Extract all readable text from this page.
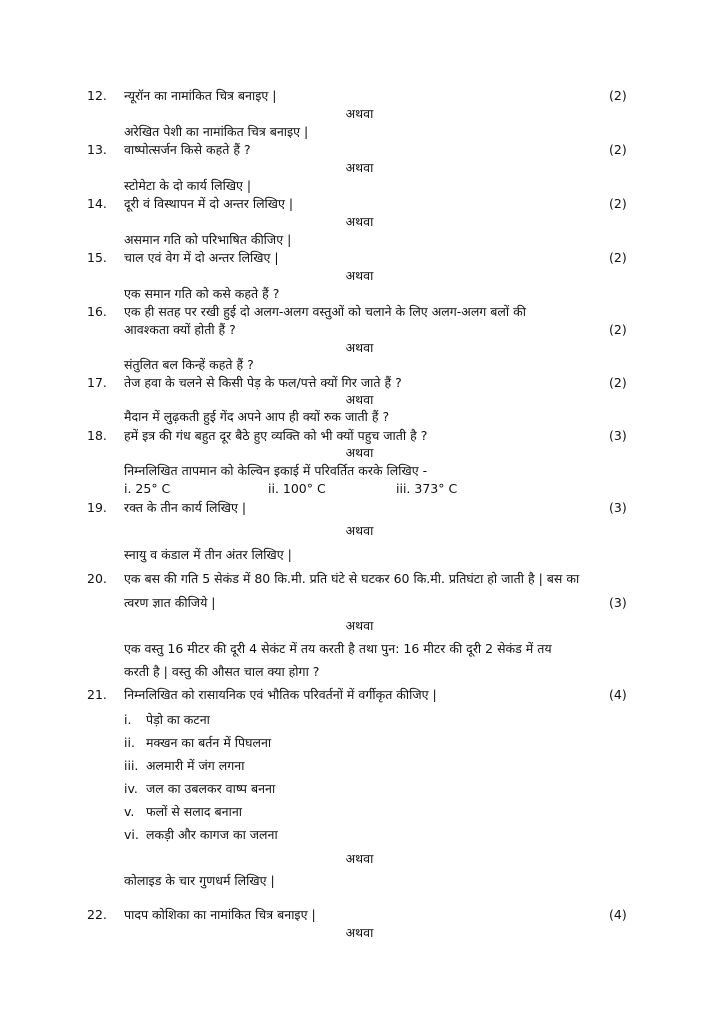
12. न्यूरॉन का नामांकित चित्र बनाइए |	(2)
अथवा
अरेखित पेशी का नामांकित चित्र बनाइए |
13. वाष्पोत्सर्जन किसे कहते हैं ?	(2)
अथवा
स्टोमेटा के दो कार्य लिखिए |
14. दूरी वं विस्थापन में दो अन्तर लिखिए |	(2)
अथवा
असमान गति को परिभाषित कीजिए |
15. चाल एवं वेग में दो अन्तर लिखिए |	(2)
अथवा
एक समान गति को कसे कहते हैं ?
16. एक ही सतह पर रखी हुई दो अलग-अलग वस्तुओं को चलाने के लिए अलग-अलग बलों की
आवश्कता क्यों होती हैं ?	(2)
अथवा
संतुलित बल किन्हें कहते हैं ?
17. तेज हवा के चलने से किसी पेड़ के फल/पत्ते क्यों गिर जाते हैं ?	(2)
अथवा
मैदान में लुढ़कती हुई गेंद अपने आप ही क्यों रुक जाती हैं ?
18. हमें इत्र की गंध बहुत दूर बैठे हुए व्यक्ति को भी क्यों पहुच जाती है ?	(3)
अथवा
निम्नलिखित तापमान को केल्विन इकाई में परिवर्तित करके लिखिए -
i. 25° C	ii. 100° C	iii. 373° C
19. रक्त के तीन कार्य लिखिए |	(3)
अथवा
स्नायु व कंडाल में तीन अंतर लिखिए |
20. एक बस की गति 5 सेकंड में 80 कि.मी. प्रति घंटे से घटकर 60 कि.मी. प्रतिघंटा हो जाती है | बस का
त्वरण ज्ञात कीजिये |	(3)
अथवा
एक वस्तु 16 मीटर की दूरी 4 सेकंट में तय करती है तथा पुन: 16 मीटर की दूरी 2 सेकंड में तय
करती है | वस्तु की औसत चाल क्या होगा ?
21. निम्नलिखित को रासायनिक एवं भौतिक परिवर्तनों में वर्गीकृत कीजिए |	(4)
i. पेड़ो का कटना
ii. मक्खन का बर्तन में पिघलना
iii. अलमारी में जंग लगना
iv. जल का उबलकर वाष्प बनना
v. फलों से सलाद बनाना
vi. लकड़ी और कागज का जलना
अथवा
कोलाइड के चार गुणधर्म लिखिए |
22. पादप कोशिका का नामांकित चित्र बनाइए |	(4)
अथवा
